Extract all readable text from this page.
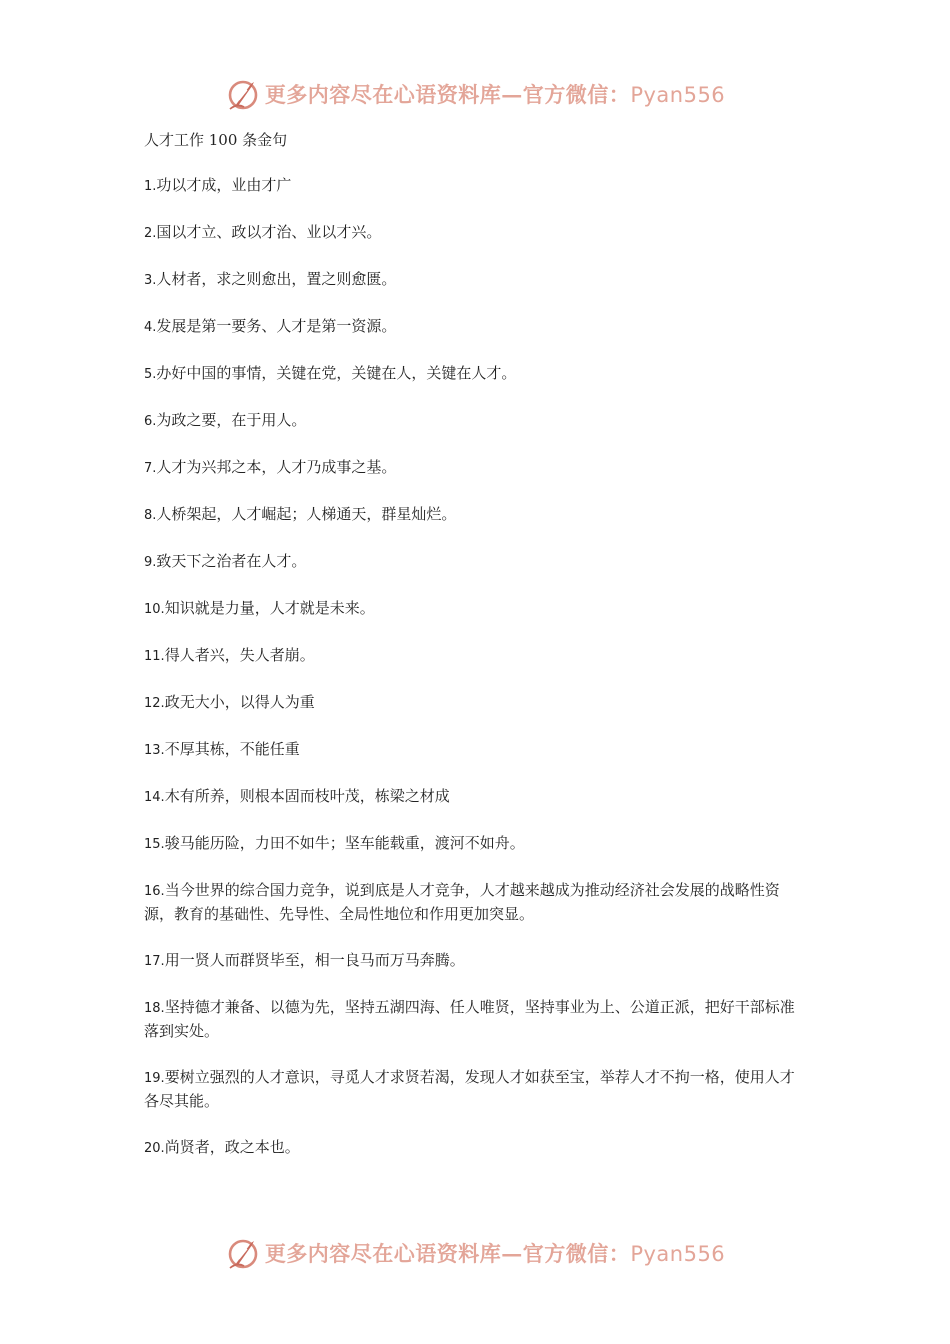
更多内容尽在心语资料库—官方微信：Pyan556
人才工作 100 条金句
1.功以才成，业由才广
2.国以才立、政以才治、业以才兴。
3.人材者，求之则愈出，置之则愈匮。
4.发展是第一要务、人才是第一资源。
5.办好中国的事情，关键在党，关键在人，关键在人才。
6.为政之要，在于用人。
7.人才为兴邦之本，人才乃成事之基。
8.人桥架起，人才崛起；人梯通天，群星灿烂。
9.致天下之治者在人才。
10.知识就是力量，人才就是未来。
11.得人者兴，失人者崩。
12.政无大小，以得人为重
13.不厚其栋，不能任重
14.木有所养，则根本固而枝叶茂，栋梁之材成
15.骏马能历险，力田不如牛；坚车能载重，渡河不如舟。
16.当今世界的综合国力竞争，说到底是人才竞争，人才越来越成为推动经济社会发展的战略性资源，教育的基础性、先导性、全局性地位和作用更加突显。
17.用一贤人而群贤毕至，相一良马而万马奔腾。
18.坚持德才兼备、以德为先，坚持五湖四海、任人唯贤，坚持事业为上、公道正派，把好干部标准落到实处。
19.要树立强烈的人才意识，寻觅人才求贤若渴，发现人才如获至宝，举荐人才不拘一格，使用人才各尽其能。
20.尚贤者，政之本也。
更多内容尽在心语资料库—官方微信：Pyan556
